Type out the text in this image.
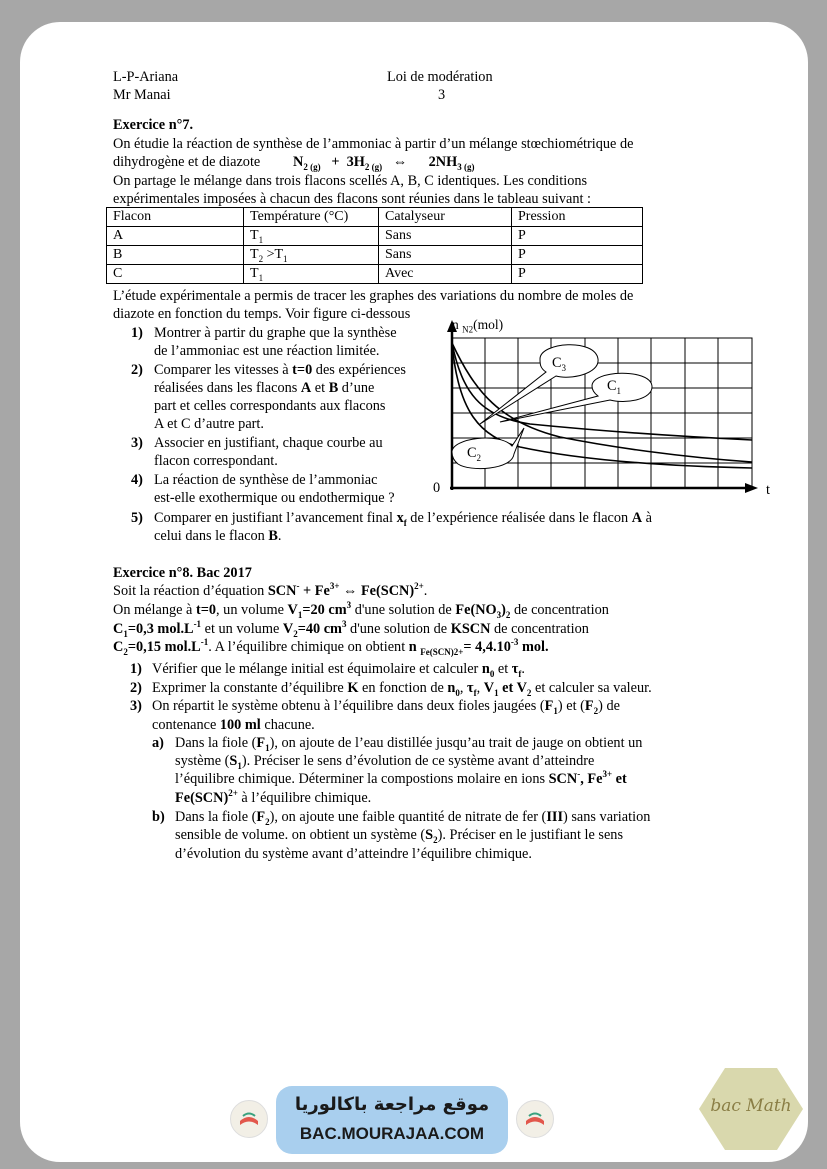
L-P-Ariana
Mr Manai
Loi de modération
3
Exercice n°7.
On étudie la réaction de synthèse de l’ammoniac à partir d’un mélange stœchiométrique de
dihydrogène et de diazote $N_{2 (g)} + 3H_{2 (g)}$ ⇔ $2NH_{3 (g)}$
On partage le mélange dans trois flacons scellés A, B, C identiques. Les conditions
expérimentales imposées à chacun des flacons sont réunies dans le tableau suivant :
Flacon	Température (°C)	Catalyseur	Pression
A	$T_1$	Sans	P
B	$T_2 >T_1$	Sans	P
C	$T_1$	Avec	P
L’étude expérimentale a permis de tracer les graphes des variations du nombre de moles de
diazote en fonction du temps. Voir figure ci-dessous
1) Montrer à partir du graphe que la synthèse
de l’ammoniac est une réaction limitée.
2) Comparer les vitesses à t=0 des expériences
réalisées dans les flacons A et B d’une
part et celles correspondants aux flacons
A et C d’autre part.
3) Associer en justifiant, chaque courbe au
flacon correspondant.
4) La réaction de synthèse de l’ammoniac
est-elle exothermique ou endothermique ?
5) Comparer en justifiant l’avancement final $x_f$ de l’expérience réalisée dans le flacon A à
celui dans le flacon B.
n $_{N2}$(mol)
0	t
$C_3$
$C_1$
$C_2$
Exercice n°8. Bac 2017
Soit la réaction d’équation $SCN^- + Fe^{3+}$ ⇔ Fe(SCN)$^{2+}$.
On mélange à t=0, un volume $V_1=20$ $cm^3$ d'une solution de $Fe(NO_3)_2$ de concentration
$C_1=0,3$ $mol.L^{-1}$ et un volume $V_2=40$ $cm^3$ d'une solution de KSCN de concentration
$C_2=0,15$ $mol.L^{-1}$. A l’équilibre chimique on obtient n $_{Fe(SCN)2+}= 4,4.10^{-3}$ mol.
1) Vérifier que le mélange initial est équimolaire et calculer $n_0$ et $\tau_f$.
2) Exprimer la constante d’équilibre K en fonction de $n_0$, $\tau_f$, $V_1$ et $V_2$ et calculer sa valeur.
3) On répartit le système obtenu à l’équilibre dans deux fioles jaugées $(F_1)$ et $(F_2)$ de
contenance 100 ml chacune.
a) Dans la fiole $(F_1)$, on ajoute de l’eau distillée jusqu’au trait de jauge on obtient un
système $(S_1)$. Préciser le sens d’évolution de ce système avant d’atteindre
l’équilibre chimique. Déterminer la compostions molaire en ions SCN-, $Fe^{3+}$ et
Fe(SCN)$^{2+}$ à l’équilibre chimique.
b) Dans la fiole $(F_2)$, on ajoute une faible quantité de nitrate de fer (III) sans variation
sensible de volume. on obtient un système $(S_2)$. Préciser en le justifiant le sens
d’évolution du système avant d’atteindre l’équilibre chimique.
موقع مراجعة باكالوريا
BAC.MOURAJAA.COM
bac Math
